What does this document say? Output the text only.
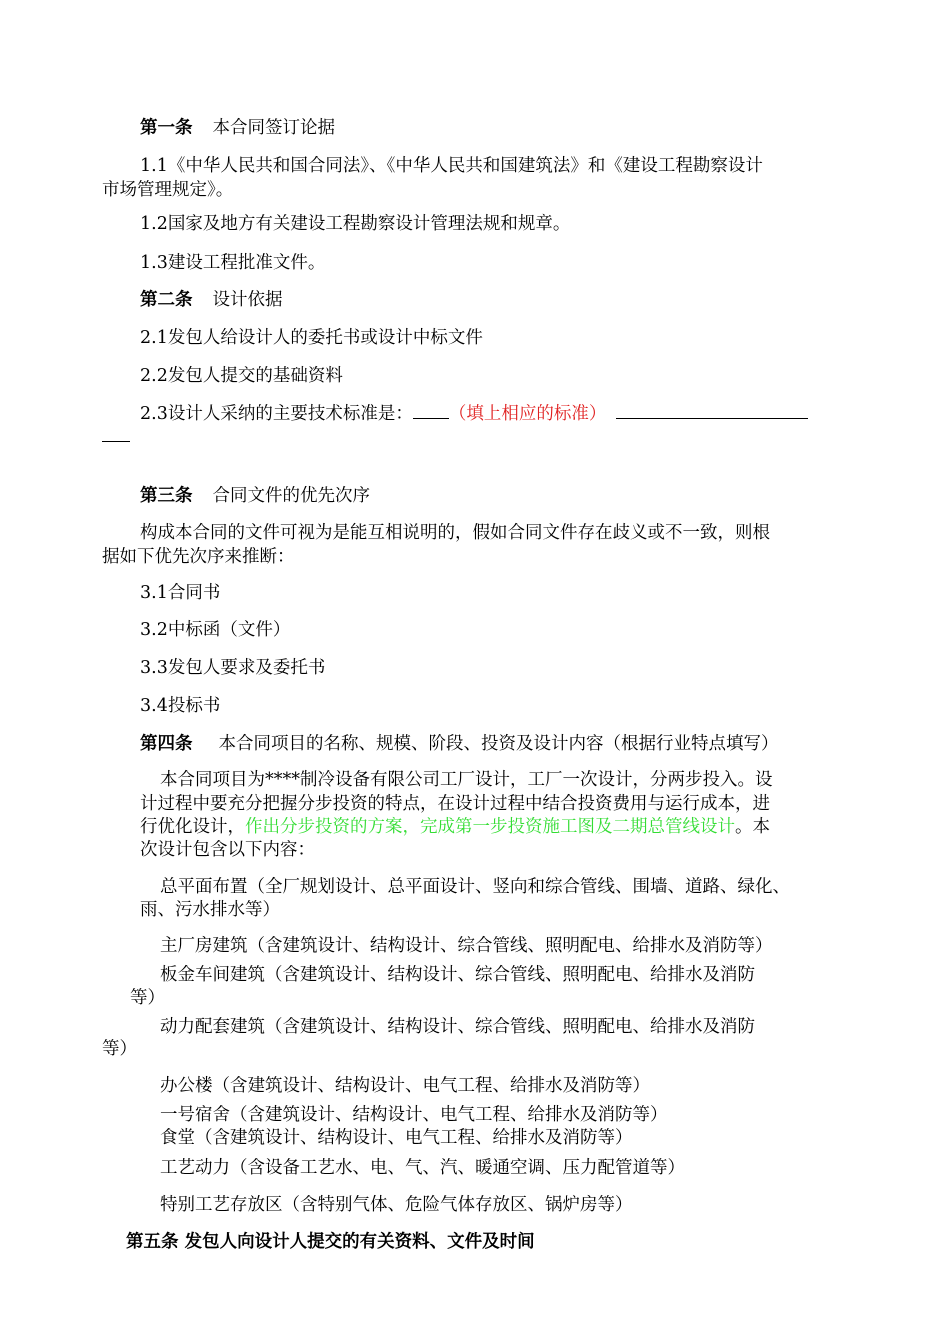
第一条 本合同签订论据
1.1《中华人民共和国合同法》、《中华人民共和国建筑法》和《建设工程勘察设计
市场管理规定》。
1.2国家及地方有关建设工程勘察设计管理法规和规章。
1.3建设工程批准文件。
第二条 设计依据
2.1发包人给设计人的委托书或设计中标文件
2.2发包人提交的基础资料
2.3设计人采纳的主要技术标准是： （填上相应的标准）
第三条 合同文件的优先次序
构成本合同的文件可视为是能互相说明的，假如合同文件存在歧义或不一致，则根
据如下优先次序来推断：
3.1合同书
3.2中标函（文件）
3.3发包人要求及委托书
3.4投标书
第四条 本合同项目的名称、规模、阶段、投资及设计内容（根据行业特点填写）
本合同项目为****制冷设备有限公司工厂设计，工厂一次设计，分两步投入。设
计过程中要充分把握分步投资的特点，在设计过程中结合投资费用与运行成本，进
行优化设计，作出分步投资的方案，完成第一步投资施工图及二期总管线设计。本
次设计包含以下内容：
总平面布置（全厂规划设计、总平面设计、竖向和综合管线、围墙、道路、绿化、
雨、污水排水等）
主厂房建筑（含建筑设计、结构设计、综合管线、照明配电、给排水及消防等）
板金车间建筑（含建筑设计、结构设计、综合管线、照明配电、给排水及消防
等）
动力配套建筑（含建筑设计、结构设计、综合管线、照明配电、给排水及消防
等）
办公楼（含建筑设计、结构设计、电气工程、给排水及消防等）
一号宿舍（含建筑设计、结构设计、电气工程、给排水及消防等）
食堂（含建筑设计、结构设计、电气工程、给排水及消防等）
工艺动力（含设备工艺水、电、气、汽、暖通空调、压力配管道等）
特别工艺存放区（含特别气体、危险气体存放区、锅炉房等）
第五条 发包人向设计人提交的有关资料、文件及时间
